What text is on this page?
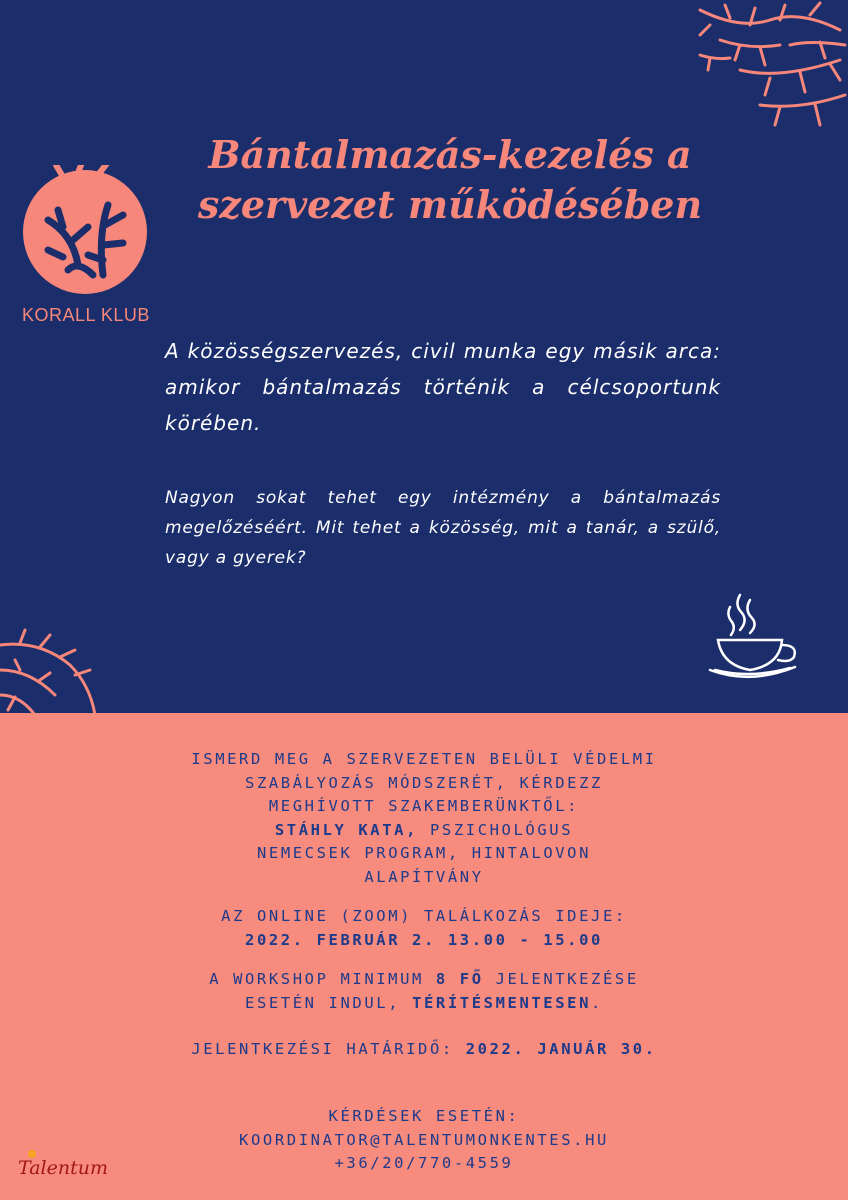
Bántalmazás-kezelés a
szervezet működésében
KORALL KLUB
A közösségszervezés, civil munka egy másik arca: amikor bántalmazás történik a célcsoportunk körében.
Nagyon sokat tehet egy intézmény a bántalmazás megelőzéséért. Mit tehet a közösség, mit a tanár, a szülő, vagy a gyerek?
ISMERD MEG A SZERVEZETEN BELÜLI VÉDELMI
SZABÁLYOZÁS MÓDSZERÉT, KÉRDEZZ
MEGHÍVOTT SZAKEMBERÜNKTŐL:
STÁHLY KATA, PSZICHOLÓGUS
NEMECSEK PROGRAM, HINTALOVON
ALAPÍTVÁNY
AZ ONLINE (ZOOM) TALÁLKOZÁS IDEJE:
2022. FEBRUÁR 2. 13.00 - 15.00
A WORKSHOP MINIMUM 8 FŐ JELENTKEZÉSE
ESETÉN INDUL, TÉRÍTÉSMENTESEN.
JELENTKEZÉSI HATÁRIDŐ: 2022. JANUÁR 30.
KÉRDÉSEK ESETÉN:
KOORDINATOR@TALENTUMONKENTES.HU
+36/20/770-4559
Talentum
